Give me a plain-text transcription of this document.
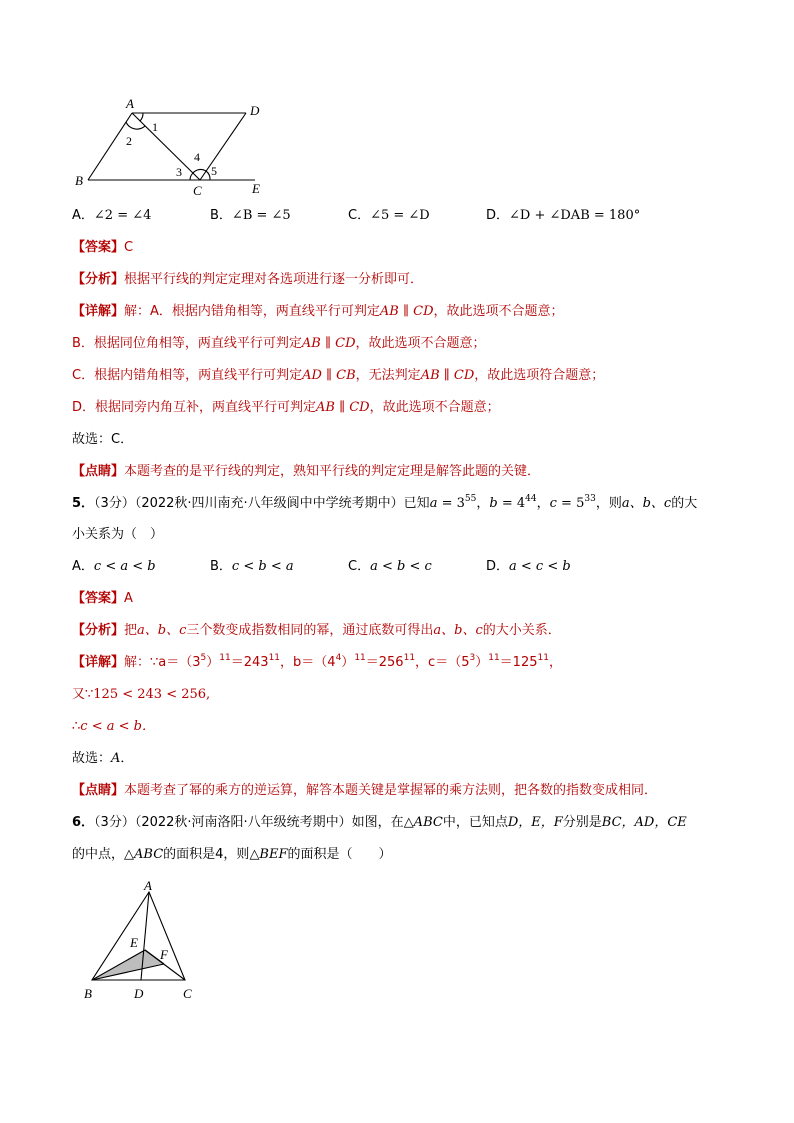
A	D
B
C	E
1
2
3
4
5
A．∠2 = ∠4	B．∠B = ∠5	C．∠5 = ∠D	D．∠D + ∠DAB = 180°
【答案】C
【分析】根据平行线的判定定理对各选项进行逐一分析即可．
【详解】解：A．根据内错角相等，两直线平行可判定AB ∥ CD，故此选项不合题意；
B．根据同位角相等，两直线平行可判定AB ∥ CD，故此选项不合题意；
C．根据内错角相等，两直线平行可判定AD ∥ CB，无法判定AB ∥ CD，故此选项符合题意；
D．根据同旁内角互补，两直线平行可判定AB ∥ CD，故此选项不合题意；
故选：C．
【点睛】本题考查的是平行线的判定，熟知平行线的判定定理是解答此题的关键．
5．（3分）（2022秋·四川南充·八年级阆中中学统考期中）已知$a = 3^{55}$，$b = 4^{44}$，$c = 5^{33}$，则a、b、c的大
小关系为（　）
A．c < a < b	B．c < b < a	C．a < b < c	D．a < c < b
【答案】A
【分析】把a、b、c三个数变成指数相同的幂，通过底数可得出a、b、c的大小关系．
【详解】解：$\because a=(3^5)^{11}=243^{11}$，$b=(4^4)^{11}=256^{11}$，$c=(5^3)^{11}=125^{11}$，
又∵125 < 243 < 256,
∴c < a < b．
故选：A．
【点睛】本题考查了幂的乘方的逆运算，解答本题关键是掌握幂的乘方法则，把各数的指数变成相同．
6．（3分）（2022秋·河南洛阳·八年级统考期中）如图，在△ABC中，已知点D，E，F分别是BC，AD，CE
的中点，△ABC的面积是4，则△BEF的面积是（　　）
A
E
F
B	D	C
